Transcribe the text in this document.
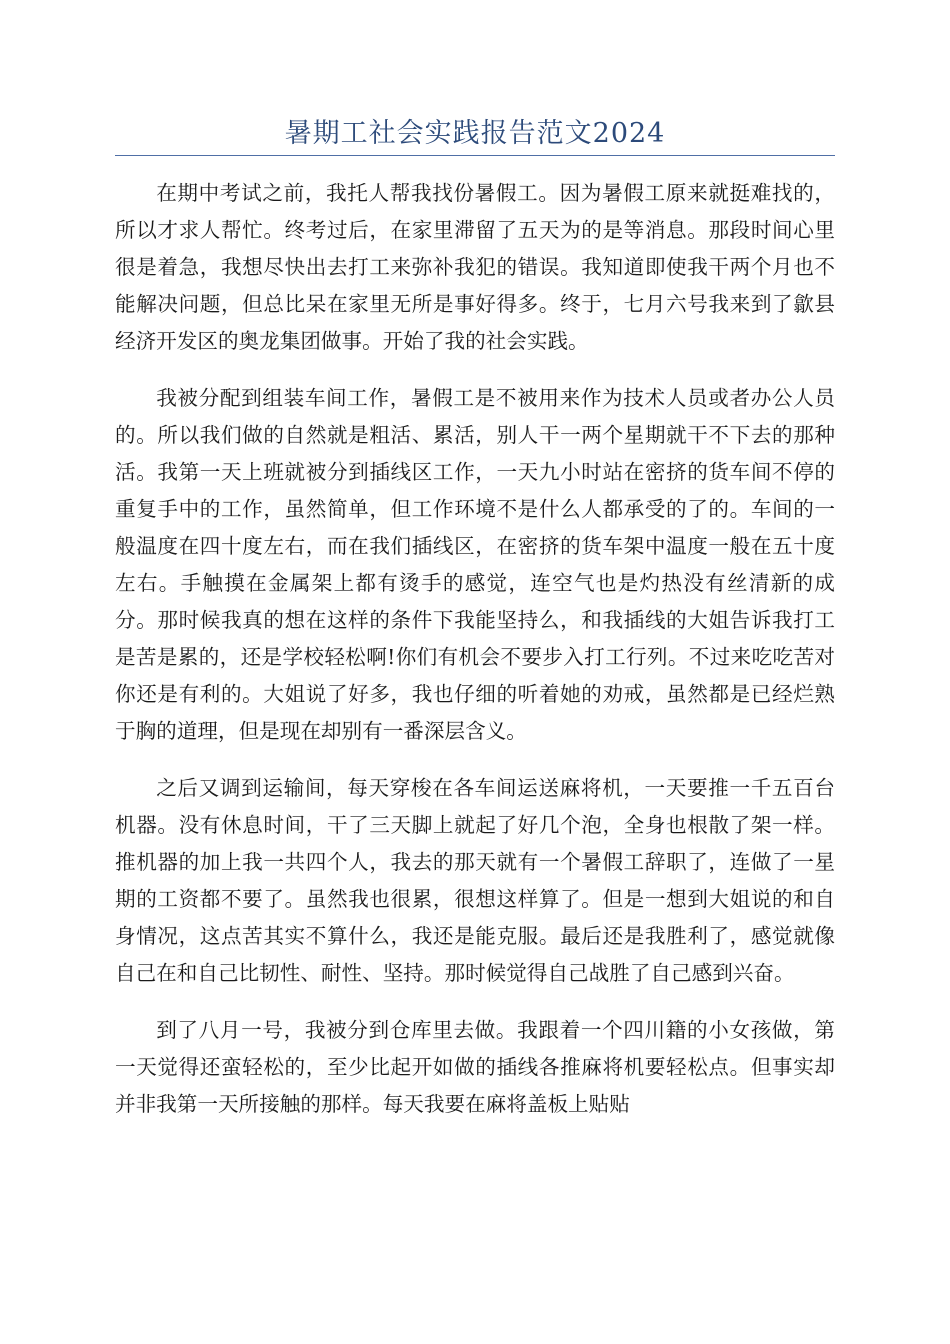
暑期工社会实践报告范文2024

在期中考试之前，我托人帮我找份暑假工。因为暑假工原来就挺难找的，所以才求人帮忙。终考过后，在家里滞留了五天为的是等消息。那段时间心里很是着急，我想尽快出去打工来弥补我犯的错误。我知道即使我干两个月也不能解决问题，但总比呆在家里无所是事好得多。终于，七月六号我来到了歙县经济开发区的奥龙集团做事。开始了我的社会实践。

我被分配到组装车间工作，暑假工是不被用来作为技术人员或者办公人员的。所以我们做的自然就是粗活、累活，别人干一两个星期就干不下去的那种活。我第一天上班就被分到插线区工作，一天九小时站在密挤的货车间不停的重复手中的工作，虽然简单，但工作环境不是什么人都承受的了的。车间的一般温度在四十度左右，而在我们插线区，在密挤的货车架中温度一般在五十度左右。手触摸在金属架上都有烫手的感觉，连空气也是灼热没有丝清新的成分。那时候我真的想在这样的条件下我能坚持么，和我插线的大姐告诉我打工是苦是累的，还是学校轻松啊!你们有机会不要步入打工行列。不过来吃吃苦对你还是有利的。大姐说了好多，我也仔细的听着她的劝戒，虽然都是已经烂熟于胸的道理，但是现在却别有一番深层含义。

之后又调到运输间，每天穿梭在各车间运送麻将机，一天要推一千五百台机器。没有休息时间，干了三天脚上就起了好几个泡，全身也根散了架一样。推机器的加上我一共四个人，我去的那天就有一个暑假工辞职了，连做了一星期的工资都不要了。虽然我也很累，很想这样算了。但是一想到大姐说的和自身情况，这点苦其实不算什么，我还是能克服。最后还是我胜利了，感觉就像自己在和自己比韧性、耐性、坚持。那时候觉得自己战胜了自己感到兴奋。

到了八月一号，我被分到仓库里去做。我跟着一个四川籍的小女孩做，第一天觉得还蛮轻松的，至少比起开如做的插线各推麻将机要轻松点。但事实却并非我第一天所接触的那样。每天我要在麻将盖板上贴贴
